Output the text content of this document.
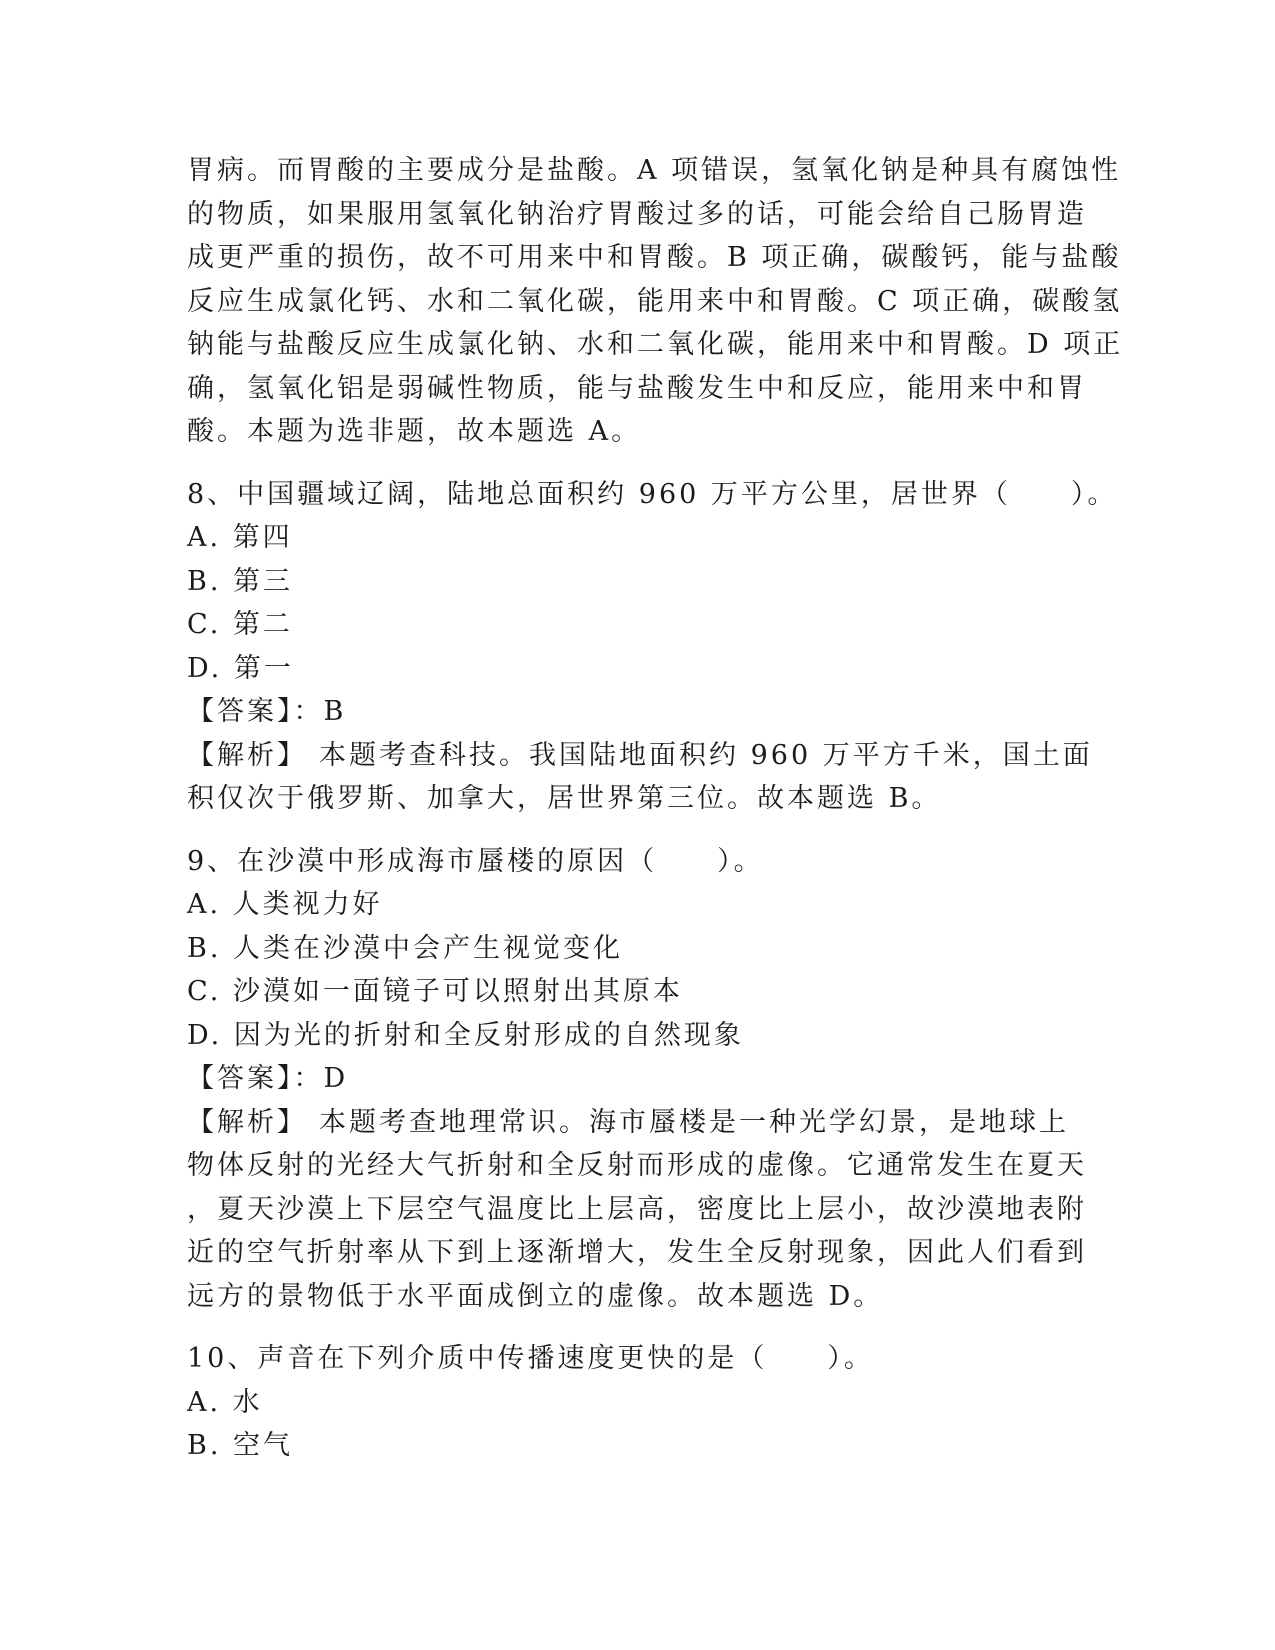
胃病。而胃酸的主要成分是盐酸。A 项错误，氢氧化钠是种具有腐蚀性
的物质，如果服用氢氧化钠治疗胃酸过多的话，可能会给自己肠胃造
成更严重的损伤，故不可用来中和胃酸。B 项正确，碳酸钙，能与盐酸
反应生成氯化钙、水和二氧化碳，能用来中和胃酸。C 项正确，碳酸氢
钠能与盐酸反应生成氯化钠、水和二氧化碳，能用来中和胃酸。D 项正
确，氢氧化铝是弱碱性物质，能与盐酸发生中和反应，能用来中和胃
酸。本题为选非题，故本题选 A。
8、中国疆域辽阔，陆地总面积约 960 万平方公里，居世界（　　）。
A. 第四
B. 第三
C. 第二
D. 第一
【答案】：B
【解析】 本题考查科技。我国陆地面积约 960 万平方千米，国土面
积仅次于俄罗斯、加拿大，居世界第三位。故本题选 B。
9、在沙漠中形成海市蜃楼的原因（　　）。
A. 人类视力好
B. 人类在沙漠中会产生视觉变化
C. 沙漠如一面镜子可以照射出其原本
D. 因为光的折射和全反射形成的自然现象
【答案】：D
【解析】 本题考查地理常识。海市蜃楼是一种光学幻景，是地球上
物体反射的光经大气折射和全反射而形成的虚像。它通常发生在夏天
，夏天沙漠上下层空气温度比上层高，密度比上层小，故沙漠地表附
近的空气折射率从下到上逐渐增大，发生全反射现象，因此人们看到
远方的景物低于水平面成倒立的虚像。故本题选 D。
10、声音在下列介质中传播速度更快的是（　　）。
A. 水
B. 空气
